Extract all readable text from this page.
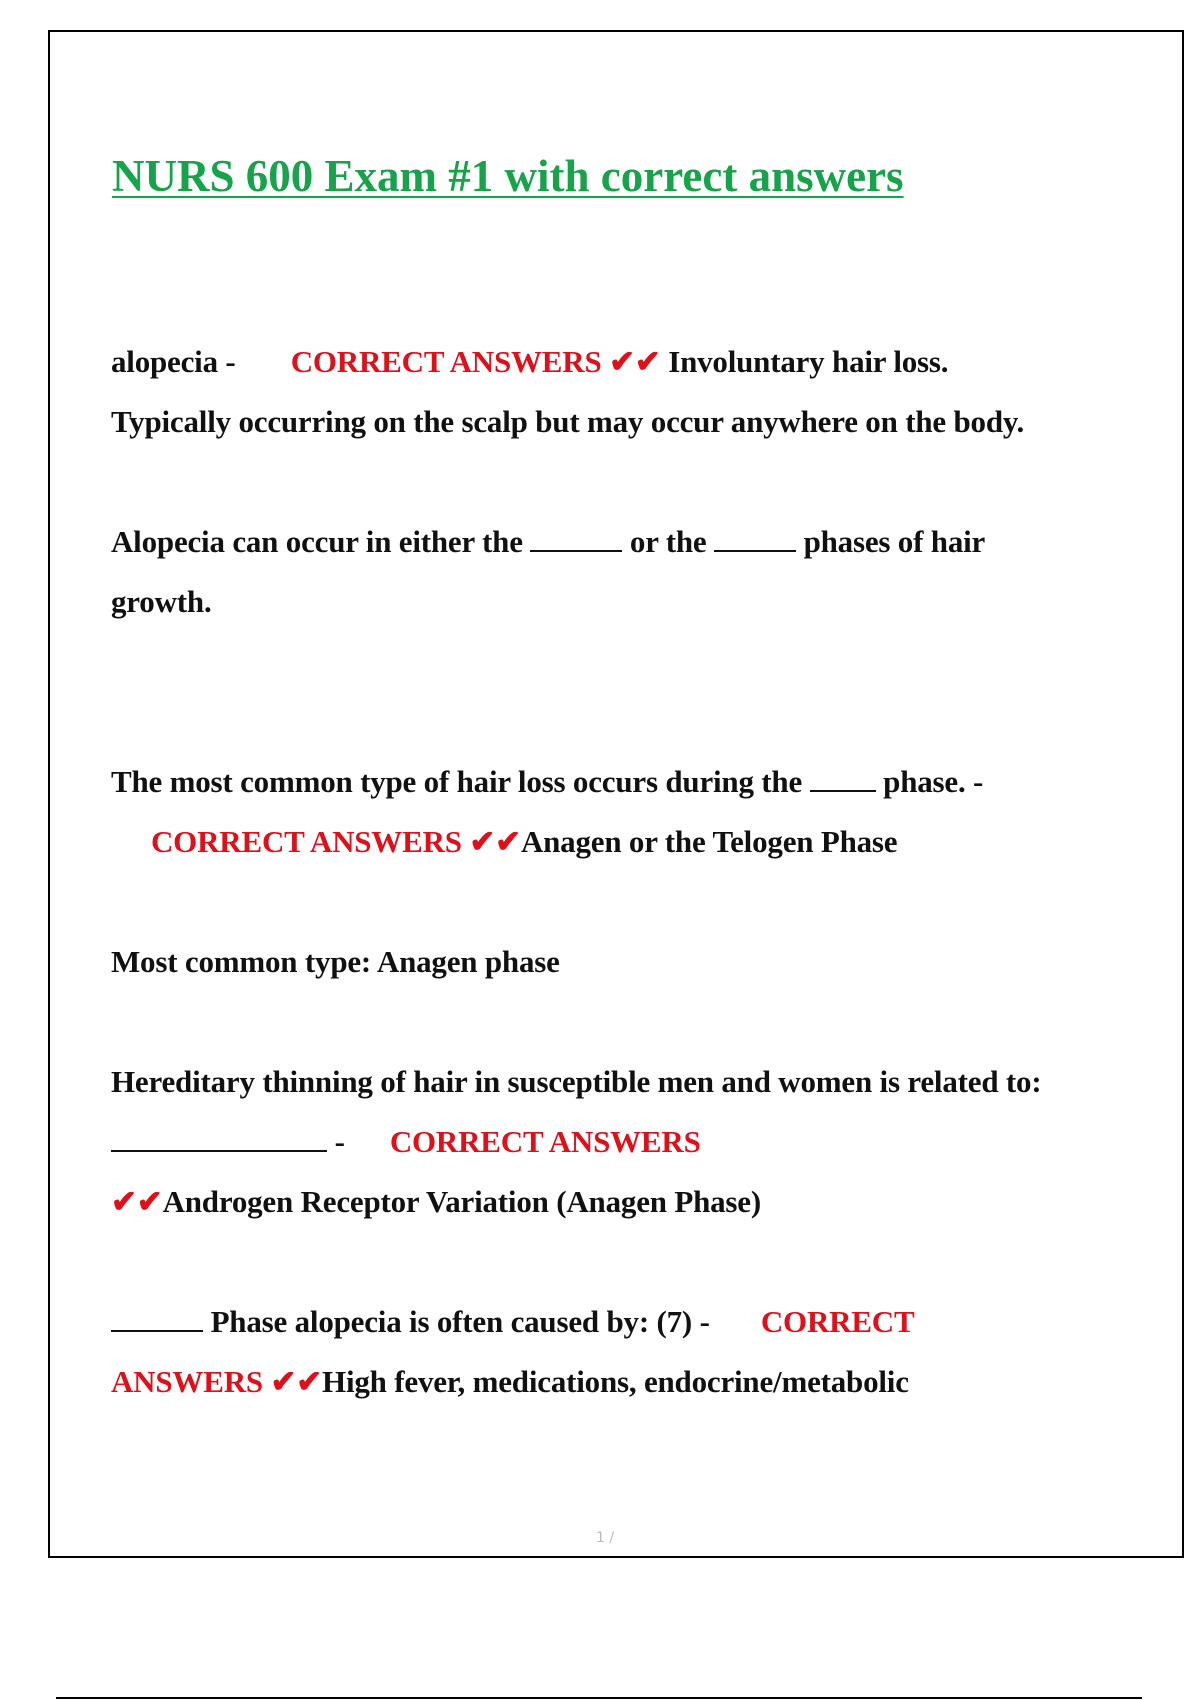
NURS 600 Exam #1 with correct answers

alopecia - CORRECT ANSWERS ✔✔ Involuntary hair loss. Typically occurring on the scalp but may occur anywhere on the body.

Alopecia can occur in either the	or the	phases of hair growth.

The most common type of hair loss occurs during the	phase. -
CORRECT ANSWERS ✔✔Anagen or the Telogen Phase

Most common type: Anagen phase

Hereditary thinning of hair in susceptible men and women is related to:  - CORRECT ANSWERS
✔✔Androgen Receptor Variation (Anagen Phase)

Phase alopecia is often caused by: (7) - CORRECT
ANSWERS ✔✔High fever, medications, endocrine/metabolic

1 /
